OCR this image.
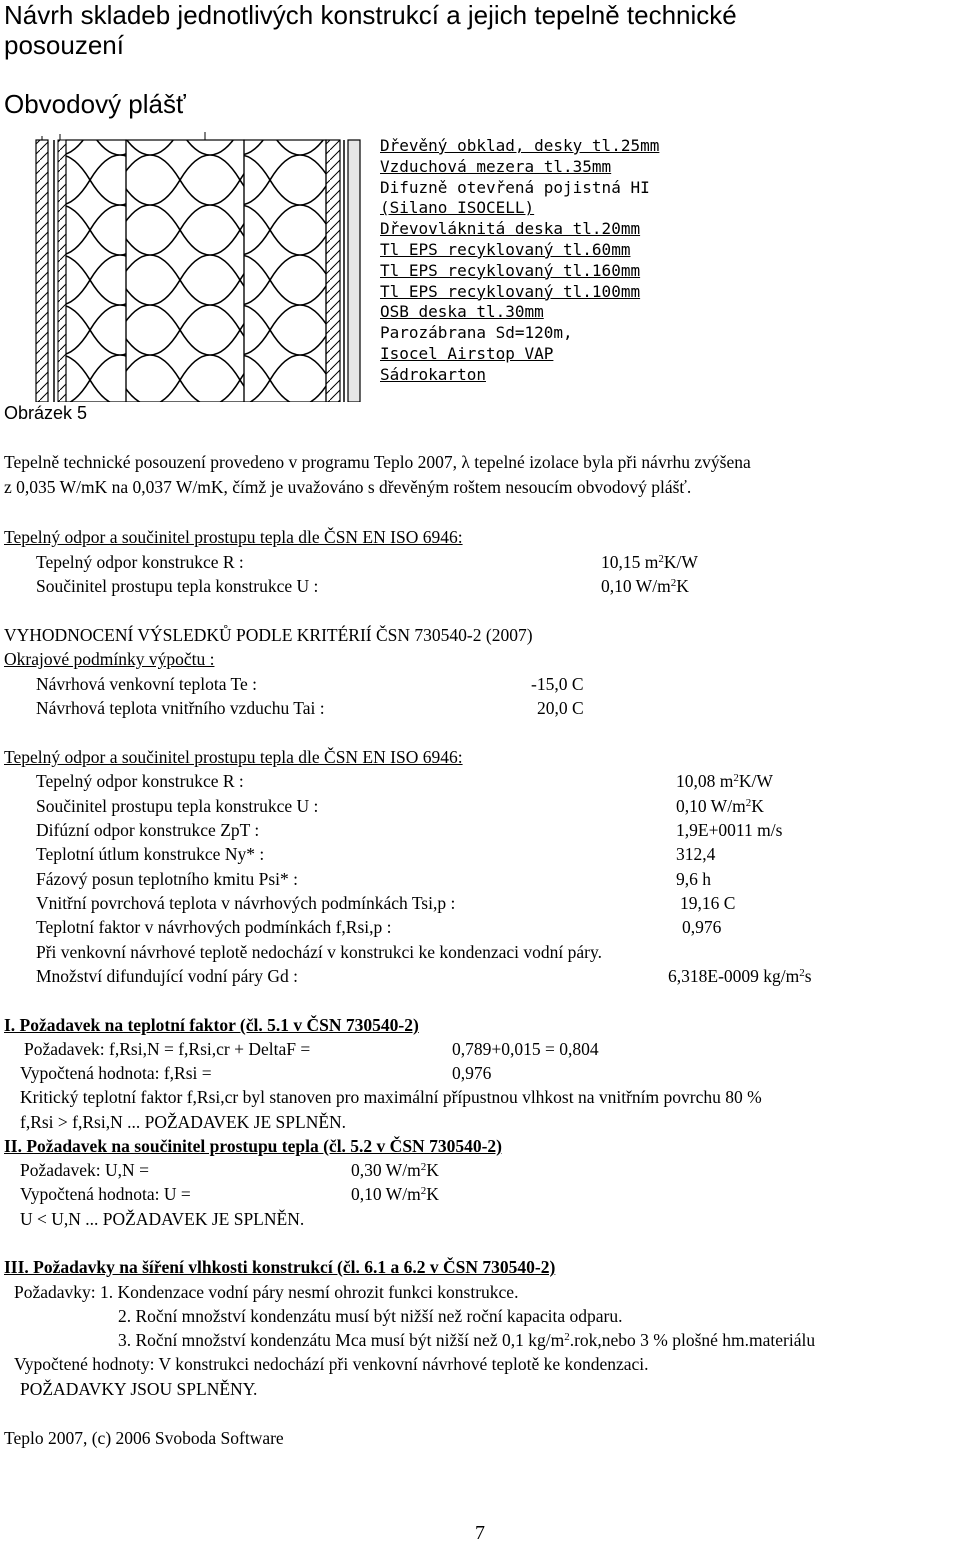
Návrh skladeb jednotlivých konstrukcí a jejich tepelně technické
posouzení
Obvodový plášť
Dřevěný obklad, desky tl.25mm
Vzduchová mezera tl.35mm
Difuzně otevřená pojistná HI
(Silano ISOCELL)
Dřevovláknitá deska tl.20mm
Tl EPS recyklovaný tl.60mm
Tl EPS recyklovaný tl.160mm
Tl EPS recyklovaný tl.100mm
OSB deska tl.30mm
Parozábrana Sd=120m,
Isocel Airstop VAP
Sádrokarton
Obrázek 5
Tepelně technické posouzení provedeno v programu Teplo 2007, λ tepelné izolace byla při návrhu zvýšena
z 0,035 W/mK na 0,037 W/mK, čímž je uvažováno s dřevěným roštem nesoucím obvodový plášť.
Tepelný odpor a součinitel prostupu tepla dle ČSN EN ISO 6946:
Tepelný odpor konstrukce R :	10,15 $m^2K/W$
Součinitel prostupu tepla konstrukce U :	0,10 $W/m^2K$
VYHODNOCENÍ VÝSLEDKŮ PODLE KRITÉRIÍ ČSN 730540-2 (2007)
Okrajové podmínky výpočtu :
Návrhová venkovní teplota Te :	-15,0 C
Návrhová teplota vnitřního vzduchu Tai :	20,0 C
Tepelný odpor a součinitel prostupu tepla dle ČSN EN ISO 6946:
Tepelný odpor konstrukce R :	10,08 $m^2K/W$
Součinitel prostupu tepla konstrukce U :	0,10 $W/m^2K$
Difúzní odpor konstrukce ZpT :	1,9E+0011 m/s
Teplotní útlum konstrukce Ny* :	312,4
Fázový posun teplotního kmitu Psi* :	9,6 h
Vnitřní povrchová teplota v návrhových podmínkách Tsi,p :	19,16 C
Teplotní faktor v návrhových podmínkách f,Rsi,p :	0,976
Při venkovní návrhové teplotě nedochází v konstrukci ke kondenzaci vodní páry.
Množství difundující vodní páry Gd :	6,318E-0009 $kg/m^2s$
I. Požadavek na teplotní faktor (čl. 5.1 v ČSN 730540-2)
Požadavek: f,Rsi,N = f,Rsi,cr + DeltaF =	0,789+0,015 = 0,804
Vypočtená hodnota: f,Rsi =	0,976
Kritický teplotní faktor f,Rsi,cr byl stanoven pro maximální přípustnou vlhkost na vnitřním povrchu 80 %
f,Rsi > f,Rsi,N ... POŽADAVEK JE SPLNĚN.
II. Požadavek na součinitel prostupu tepla (čl. 5.2 v ČSN 730540-2)
Požadavek: U,N =	0,30 $W/m^2K$
Vypočtená hodnota: U =	0,10 $W/m^2K$
U < U,N ... POŽADAVEK JE SPLNĚN.
III. Požadavky na šíření vlhkosti konstrukcí (čl. 6.1 a 6.2 v ČSN 730540-2)
Požadavky: 1. Kondenzace vodní páry nesmí ohrozit funkci konstrukce.
2. Roční množství kondenzátu musí být nižší než roční kapacita odparu.
3. Roční množství kondenzátu Mca musí být nižší než 0,1 $kg/m^2.rok,nebo$ 3 % plošné hm.materiálu
Vypočtené hodnoty: V konstrukci nedochází při venkovní návrhové teplotě ke kondenzaci.
POŽADAVKY JSOU SPLNĚNY.
Teplo 2007, (c) 2006 Svoboda Software
7
